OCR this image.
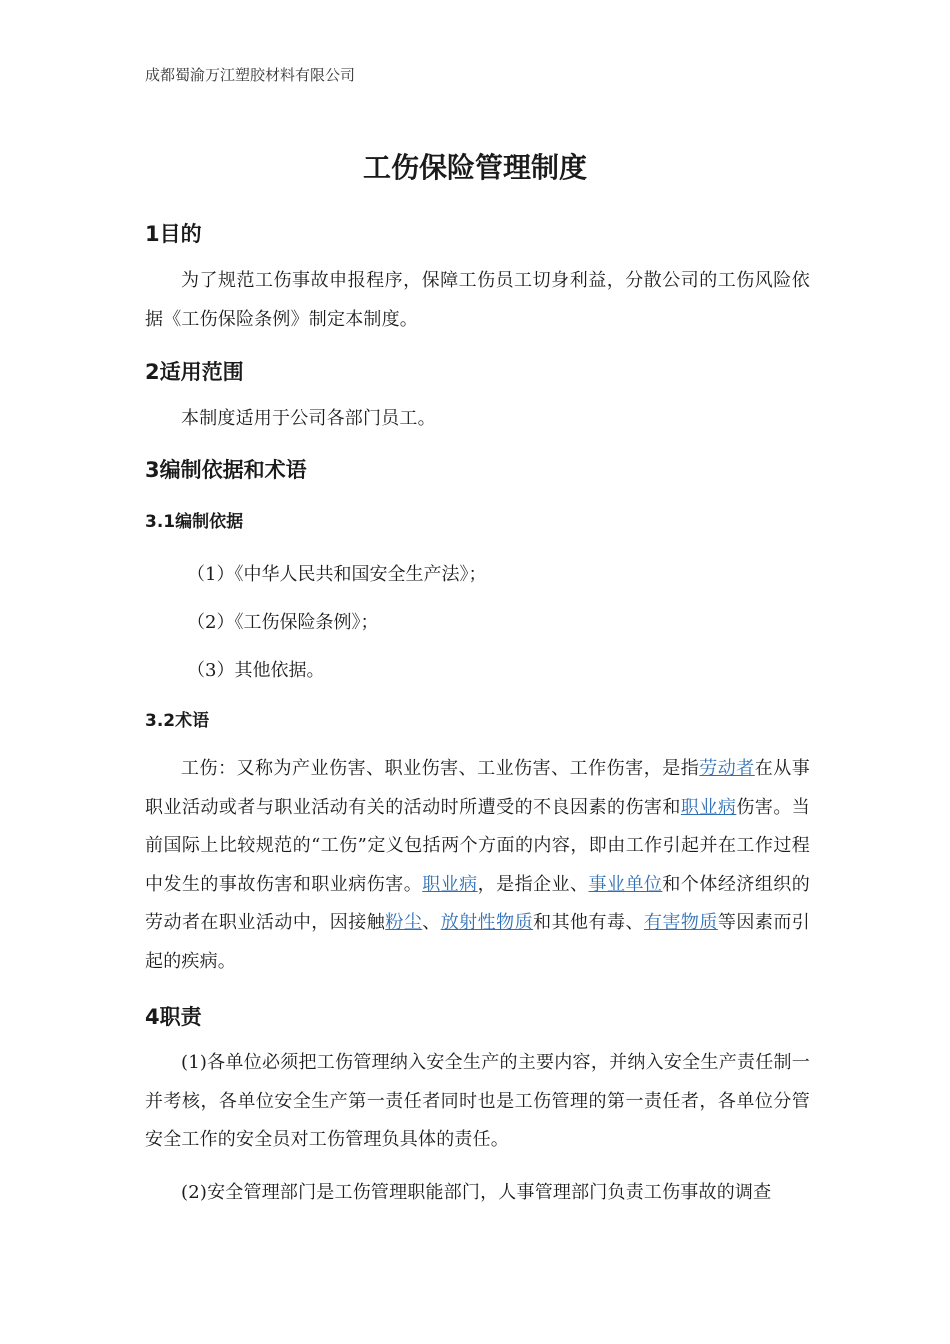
成都蜀渝万江塑胶材料有限公司
工伤保险管理制度
1目的
为了规范工伤事故申报程序，保障工伤员工切身利益，分散公司的工伤风险依据《工伤保险条例》制定本制度。
2适用范围
本制度适用于公司各部门员工。
3编制依据和术语
3.1编制依据
（1）《中华人民共和国安全生产法》；
（2）《工伤保险条例》；
（3）其他依据。
3.2术语
工伤：又称为产业伤害、职业伤害、工业伤害、工作伤害，是指劳动者在从事职业活动或者与职业活动有关的活动时所遭受的不良因素的伤害和职业病伤害。当前国际上比较规范的“工伤”定义包括两个方面的内容，即由工作引起并在工作过程中发生的事故伤害和职业病伤害。职业病，是指企业、事业单位和个体经济组织的劳动者在职业活动中，因接触粉尘、放射性物质和其他有毒、有害物质等因素而引起的疾病。
4职责
(1)各单位必须把工伤管理纳入安全生产的主要内容，并纳入安全生产责任制一并考核，各单位安全生产第一责任者同时也是工伤管理的第一责任者，各单位分管安全工作的安全员对工伤管理负具体的责任。
(2)安全管理部门是工伤管理职能部门，人事管理部门负责工伤事故的调查
